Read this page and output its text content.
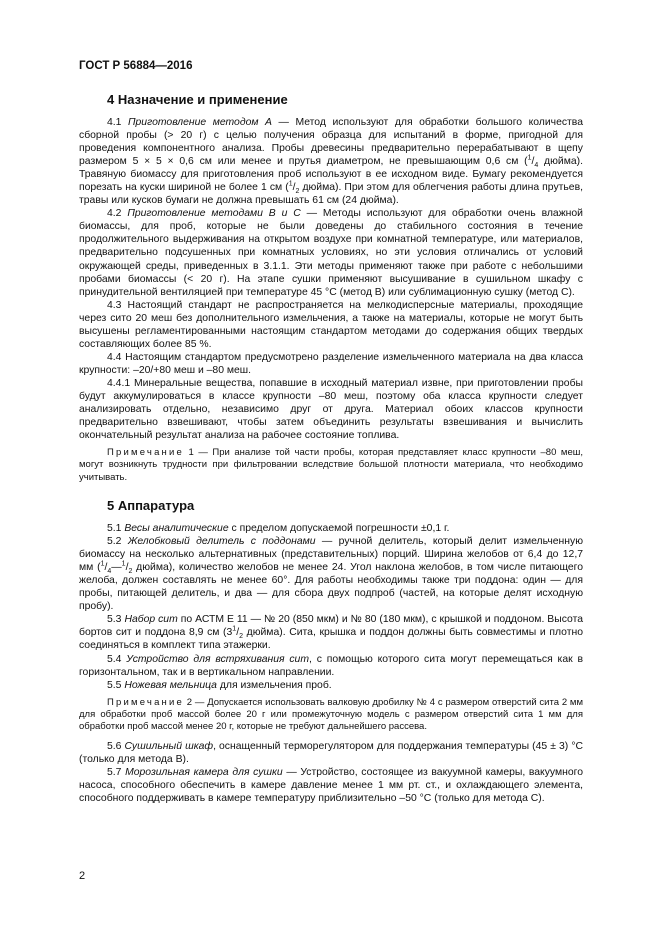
ГОСТ Р 56884—2016
4 Назначение и применение

4.1 Приготовление методом А — Метод используют для обработки большого количества сборной пробы (> 20 г) с целью получения образца для испытаний в форме, пригодной для проведения компонентного анализа. Пробы древесины предварительно перерабатывают в щепу размером 5 × 5 × 0,6 см или менее и прутья диаметром, не превышающим 0,6 см ($^1/_4$ дюйма). Травяную биомассу для приготовления проб используют в ее исходном виде. Бумагу рекомендуется порезать на куски шириной не более 1 см ($^1/_2$ дюйма). При этом для облегчения работы длина прутьев, травы или кусков бумаги не должна превышать 61 см (24 дюйма).

4.2 Приготовление методами В и С — Методы используют для обработки очень влажной биомассы, для проб, которые не были доведены до стабильного состояния в течение продолжительного выдерживания на открытом воздухе при комнатной температуре, или материалов, предварительно подсушенных при комнатных условиях, но эти условия отличались от условий окружающей среды, приведенных в 3.1.1. Эти методы применяют также при работе с небольшими пробами биомассы (< 20 г). На этапе сушки применяют высушивание в сушильном шкафу с принудительной вентиляцией при температуре 45 °С (метод В) или сублимационную сушку (метод С).

4.3 Настоящий стандарт не распространяется на мелкодисперсные материалы, проходящие через сито 20 меш без дополнительного измельчения, а также на материалы, которые не могут быть высушены регламентированными настоящим стандартом методами до содержания общих твердых составляющих более 85 %.

4.4 Настоящим стандартом предусмотрено разделение измельченного материала на два класса крупности: –20/+80 меш и –80 меш.

4.4.1 Минеральные вещества, попавшие в исходный материал извне, при приготовлении пробы будут аккумулироваться в классе крупности –80 меш, поэтому оба класса крупности следует анализировать отдельно, независимо друг от друга. Материал обоих классов крупности предварительно взвешивают, чтобы затем объединить результаты взвешивания и вычислить окончательный результат анализа на рабочее состояние топлива.

Примечание 1 — При анализе той части пробы, которая представляет класс крупности –80 меш, могут возникнуть трудности при фильтровании вследствие большой плотности материала, что необходимо учитывать.

5 Аппаратура

5.1 Весы аналитические с пределом допускаемой погрешности ±0,1 г.

5.2 Желобковый делитель с поддонами — ручной делитель, который делит измельченную биомассу на несколько альтернативных (представительных) порций. Ширина желобов от 6,4 до 12,7 мм ($^1/_4—^1/_2$ дюйма), количество желобов не менее 24. Угол наклона желобов, в том числе питающего желоба, должен составлять не менее 60°. Для работы необходимы также три поддона: один — для пробы, питающей делитель, и два — для сбора двух подпроб (частей, на которые делят исходную пробу).

5.3 Набор сит по АСТМ Е 11 — № 20 (850 мкм) и № 80 (180 мкм), с крышкой и поддоном. Высота бортов сит и поддона 8,9 см ($3^1/_2$ дюйма). Сита, крышка и поддон должны быть совместимы и плотно соединяться в комплект типа этажерки.

5.4 Устройство для встряхивания сит, с помощью которого сита могут перемещаться как в горизонтальном, так и в вертикальном направлении.

5.5 Ножевая мельница для измельчения проб.

Примечание 2 — Допускается использовать валковую дробилку № 4 с размером отверстий сита 2 мм для обработки проб массой более 20 г или промежуточную модель с размером отверстий сита 1 мм для обработки проб массой менее 20 г, которые не требуют дальнейшего рассева.

5.6 Сушильный шкаф, оснащенный терморегулятором для поддержания температуры (45 ± 3) °С (только для метода В).

5.7 Морозильная камера для сушки — Устройство, состоящее из вакуумной камеры, вакуумного насоса, способного обеспечить в камере давление менее 1 мм рт. ст., и охлаждающего элемента, способного поддерживать в камере температуру приблизительно –50 °С (только для метода С).

2
